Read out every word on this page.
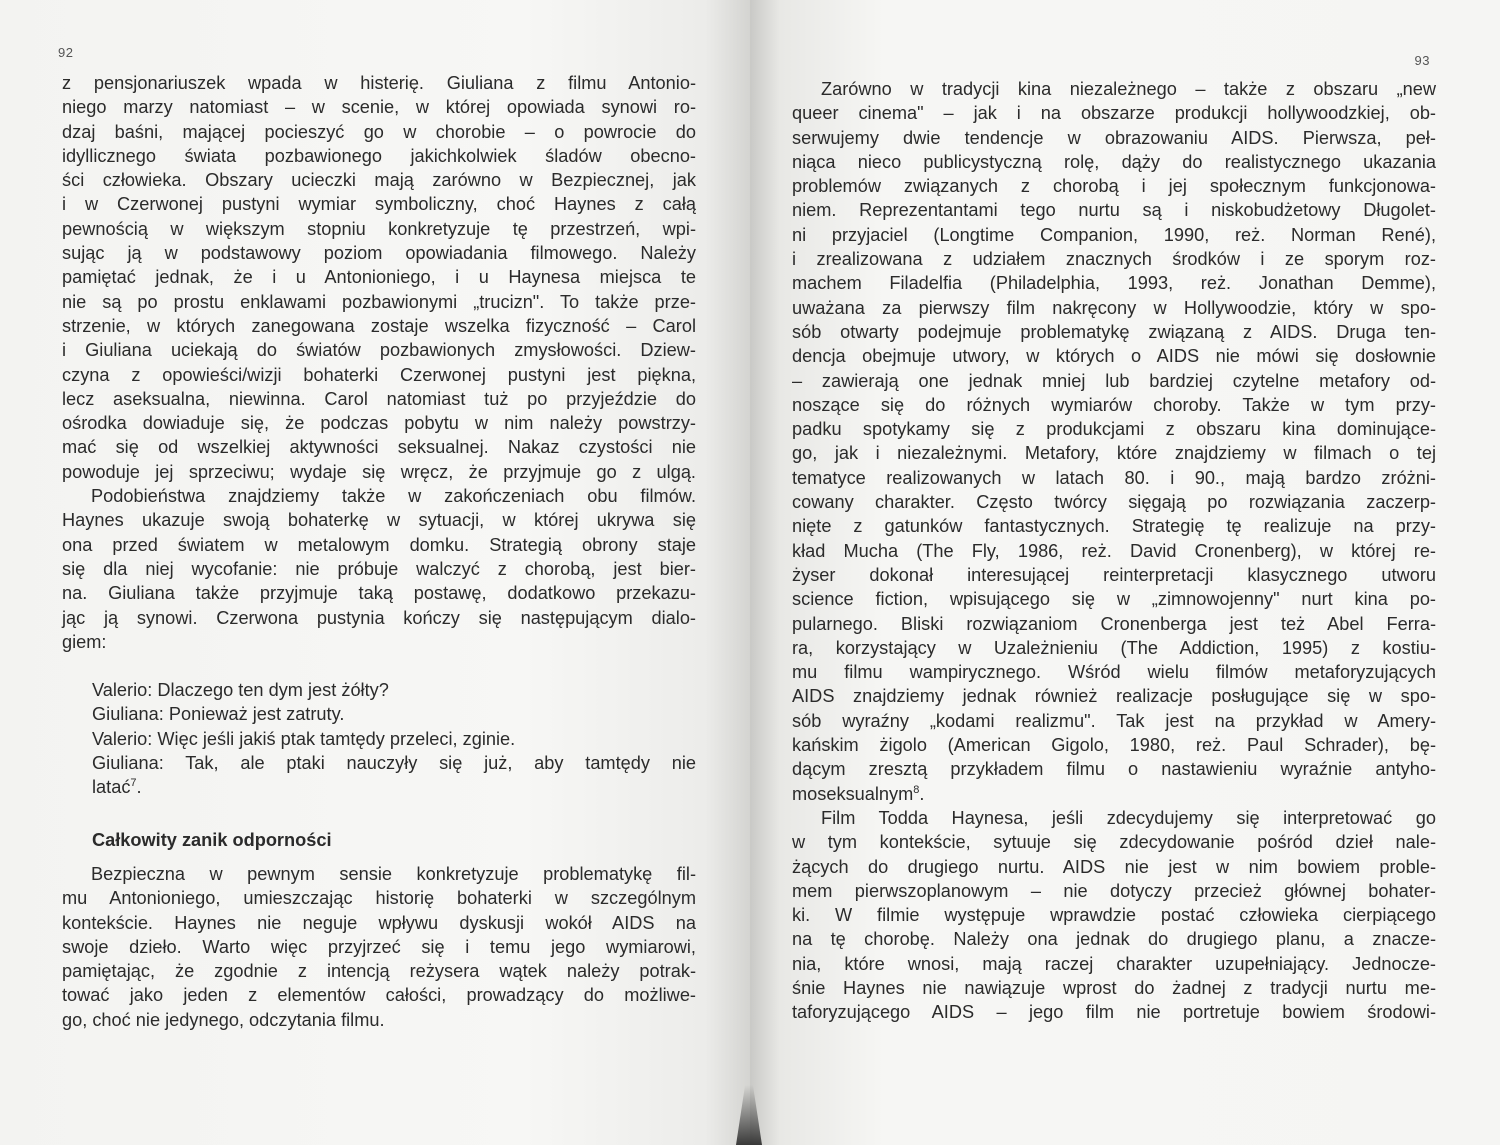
92
z pensjonariuszek wpada w histerię. Giuliana z filmu Antonio-
niego marzy natomiast – w scenie, w której opowiada synowi ro-
dzaj baśni, mającej pocieszyć go w chorobie – o powrocie do
idyllicznego świata pozbawionego jakichkolwiek śladów obecno-
ści człowieka. Obszary ucieczki mają zarówno w Bezpiecznej, jak
i w Czerwonej pustyni wymiar symboliczny, choć Haynes z całą
pewnością w większym stopniu konkretyzuje tę przestrzeń, wpi-
sując ją w podstawowy poziom opowiadania filmowego. Należy
pamiętać jednak, że i u Antonioniego, i u Haynesa miejsca te
nie są po prostu enklawami pozbawionymi „trucizn". To także prze-
strzenie, w których zanegowana zostaje wszelka fizyczność – Carol
i Giuliana uciekają do światów pozbawionych zmysłowości. Dziew-
czyna z opowieści/wizji bohaterki Czerwonej pustyni jest piękna,
lecz aseksualna, niewinna. Carol natomiast tuż po przyjeździe do
ośrodka dowiaduje się, że podczas pobytu w nim należy powstrzy-
mać się od wszelkiej aktywności seksualnej. Nakaz czystości nie
powoduje jej sprzeciwu; wydaje się wręcz, że przyjmuje go z ulgą.
Podobieństwa znajdziemy także w zakończeniach obu filmów.
Haynes ukazuje swoją bohaterkę w sytuacji, w której ukrywa się
ona przed światem w metalowym domku. Strategią obrony staje
się dla niej wycofanie: nie próbuje walczyć z chorobą, jest bier-
na. Giuliana także przyjmuje taką postawę, dodatkowo przekazu-
jąc ją synowi. Czerwona pustynia kończy się następującym dialo-
giem:
Valerio: Dlaczego ten dym jest żółty?
Giuliana: Ponieważ jest zatruty.
Valerio: Więc jeśli jakiś ptak tamtędy przeleci, zginie.
Giuliana: Tak, ale ptaki nauczyły się już, aby tamtędy nie
latać$^7$.
Całkowity zanik odporności
Bezpieczna w pewnym sensie konkretyzuje problematykę fil-
mu Antonioniego, umieszczając historię bohaterki w szczególnym
kontekście. Haynes nie neguje wpływu dyskusji wokół AIDS na
swoje dzieło. Warto więc przyjrzeć się i temu jego wymiarowi,
pamiętając, że zgodnie z intencją reżysera wątek należy potrak-
tować jako jeden z elementów całości, prowadzący do możliwe-
go, choć nie jedynego, odczytania filmu.
93
Zarówno w tradycji kina niezależnego – także z obszaru „new
queer cinema" – jak i na obszarze produkcji hollywoodzkiej, ob-
serwujemy dwie tendencje w obrazowaniu AIDS. Pierwsza, peł-
niąca nieco publicystyczną rolę, dąży do realistycznego ukazania
problemów związanych z chorobą i jej społecznym funkcjonowa-
niem. Reprezentantami tego nurtu są i niskobudżetowy Długolet-
ni przyjaciel (Longtime Companion, 1990, reż. Norman René),
i zrealizowana z udziałem znacznych środków i ze sporym roz-
machem Filadelfia (Philadelphia, 1993, reż. Jonathan Demme),
uważana za pierwszy film nakręcony w Hollywoodzie, który w spo-
sób otwarty podejmuje problematykę związaną z AIDS. Druga ten-
dencja obejmuje utwory, w których o AIDS nie mówi się dosłownie
– zawierają one jednak mniej lub bardziej czytelne metafory od-
noszące się do różnych wymiarów choroby. Także w tym przy-
padku spotykamy się z produkcjami z obszaru kina dominujące-
go, jak i niezależnymi. Metafory, które znajdziemy w filmach o tej
tematyce realizowanych w latach 80. i 90., mają bardzo zróżni-
cowany charakter. Często twórcy sięgają po rozwiązania zaczerp-
nięte z gatunków fantastycznych. Strategię tę realizuje na przy-
kład Mucha (The Fly, 1986, reż. David Cronenberg), w której re-
żyser dokonał interesującej reinterpretacji klasycznego utworu
science fiction, wpisującego się w „zimnowojenny" nurt kina po-
pularnego. Bliski rozwiązaniom Cronenberga jest też Abel Ferra-
ra, korzystający w Uzależnieniu (The Addiction, 1995) z kostiu-
mu filmu wampirycznego. Wśród wielu filmów metaforyzujących
AIDS znajdziemy jednak również realizacje posługujące się w spo-
sób wyraźny „kodami realizmu". Tak jest na przykład w Amery-
kańskim żigolo (American Gigolo, 1980, reż. Paul Schrader), bę-
dącym zresztą przykładem filmu o nastawieniu wyraźnie antyho-
moseksualnym$^8$.
Film Todda Haynesa, jeśli zdecydujemy się interpretować go
w tym kontekście, sytuuje się zdecydowanie pośród dzieł nale-
żących do drugiego nurtu. AIDS nie jest w nim bowiem proble-
mem pierwszoplanowym – nie dotyczy przecież głównej bohater-
ki. W filmie występuje wprawdzie postać człowieka cierpiącego
na tę chorobę. Należy ona jednak do drugiego planu, a znacze-
nia, które wnosi, mają raczej charakter uzupełniający. Jednocze-
śnie Haynes nie nawiązuje wprost do żadnej z tradycji nurtu me-
taforyzującego AIDS – jego film nie portretuje bowiem środowi-
